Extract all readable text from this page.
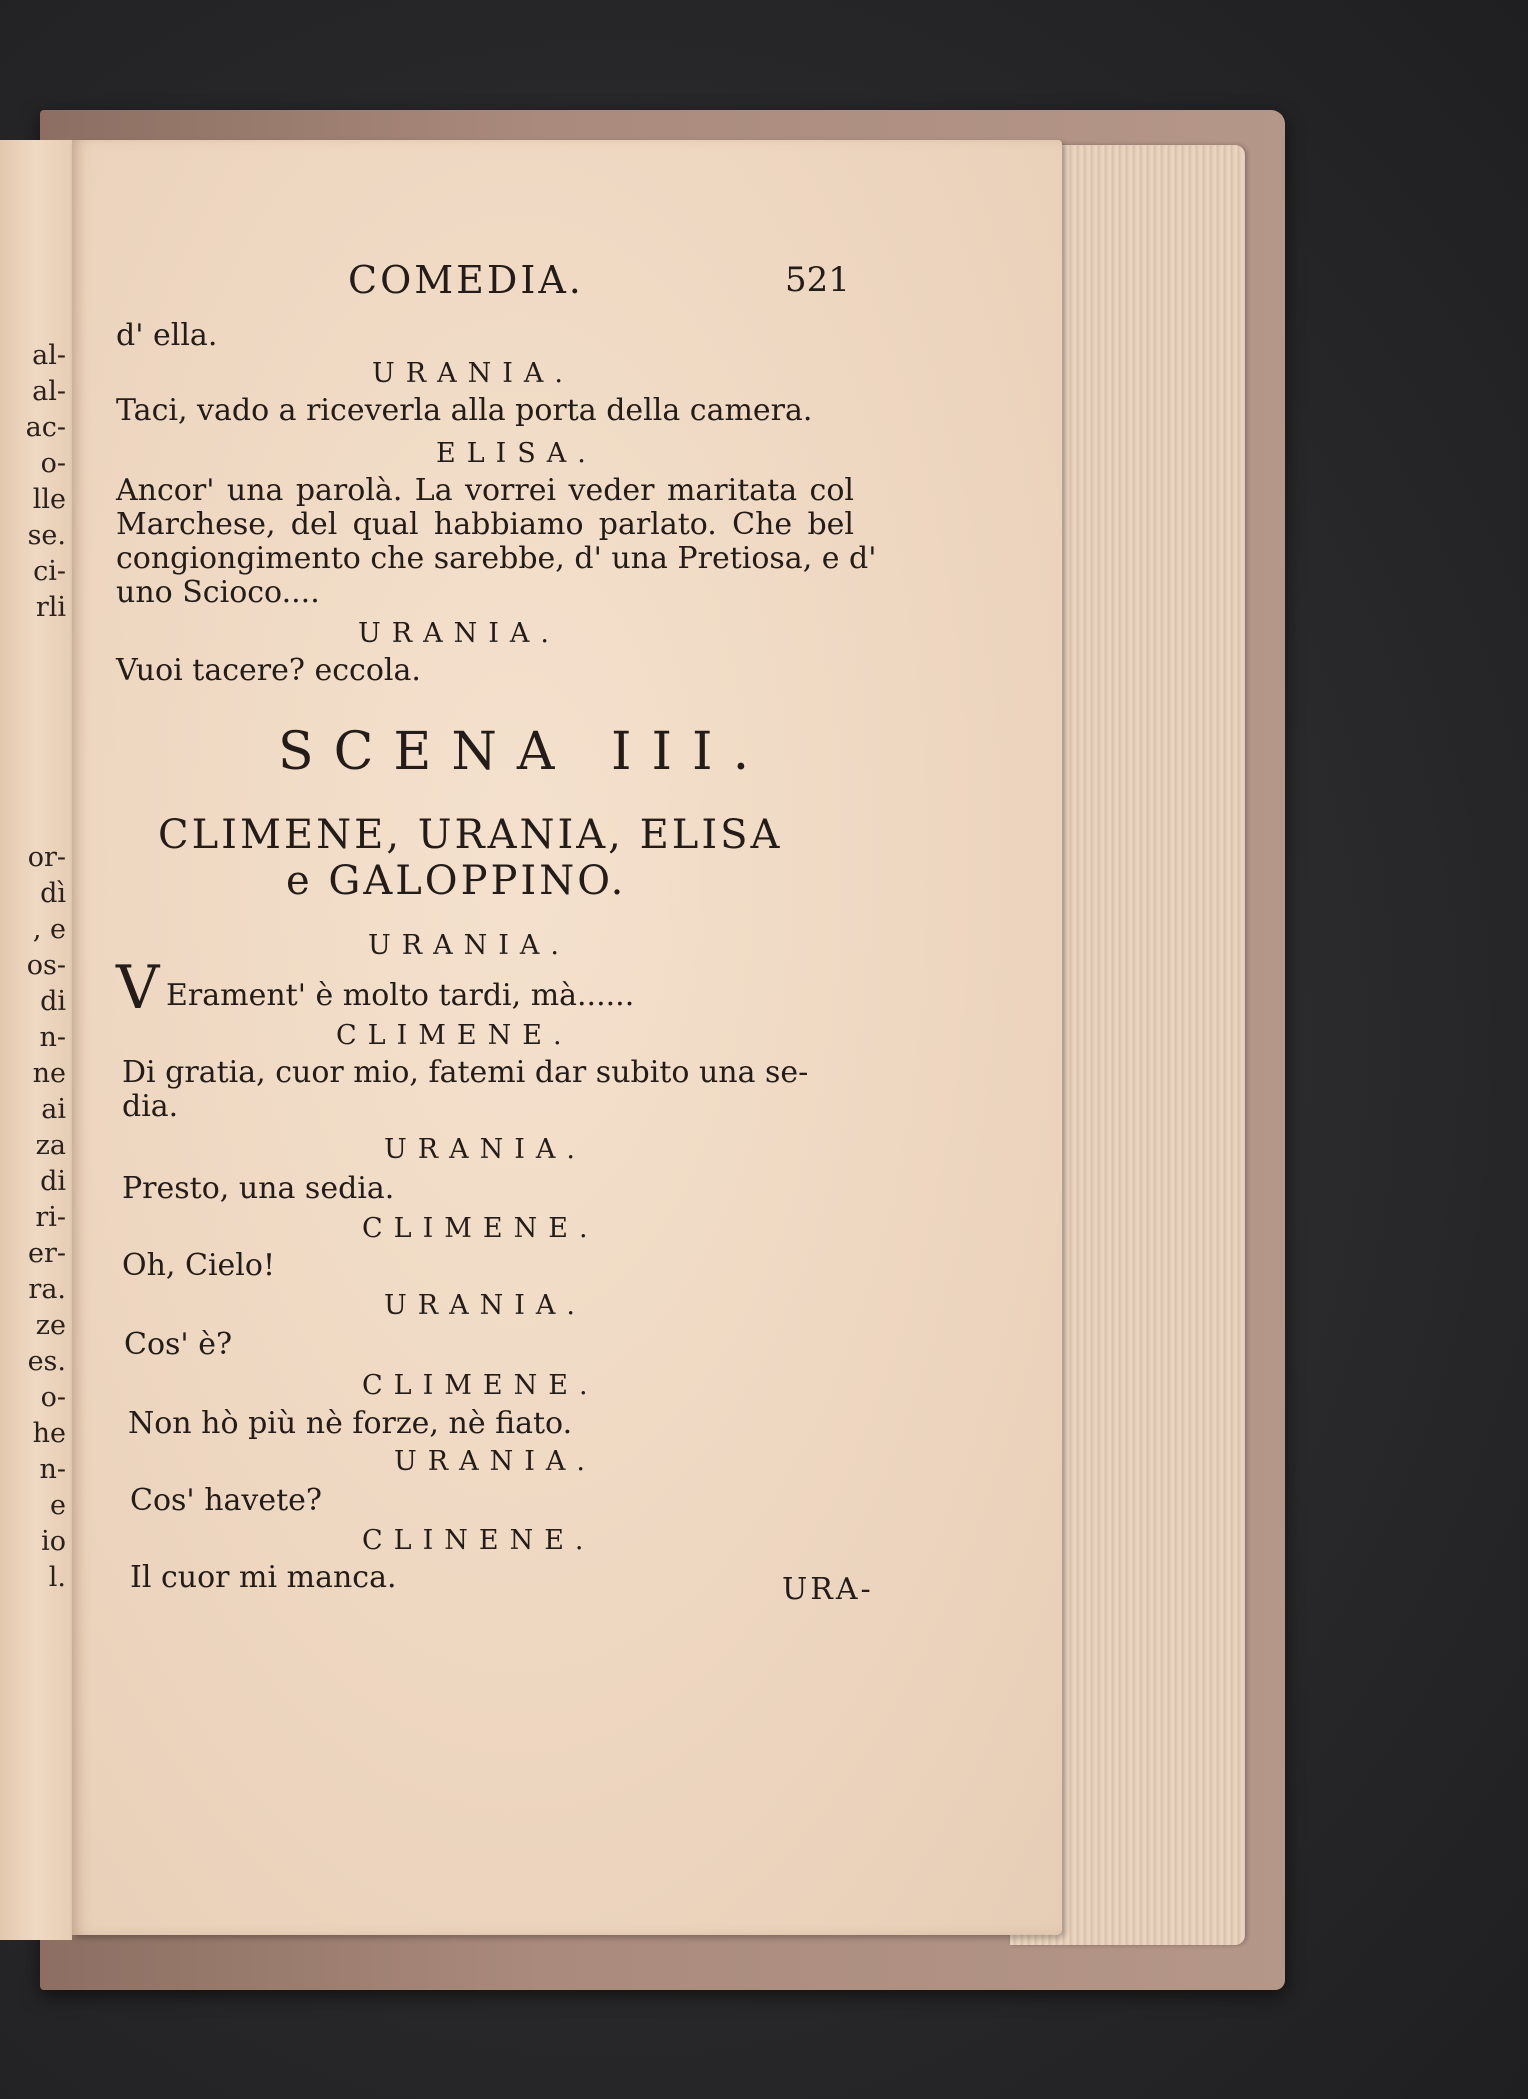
al-
al-
ac-
o-
lle
se.
ci-
rli
or-
dì
, e
os-
di
n-
ne
ai
za
di
ri-
er-
ra.
ze
es.
o-
he
n-
e
io
l.
COMEDIA.	521
d' ella.
URANIA.
Taci, vado a riceverla alla porta della camera.
ELISA.
Ancor' una parolà. La vorrei veder maritata col
Marchese, del qual habbiamo parlato. Che bel
congiongimento che sarebbe, d' una Pretiosa, e d'
uno Scioco....
URANIA.
Vuoi tacere? eccola.
SCENA III.
CLIMENE, URANIA, ELISA
e GALOPPINO.
URANIA.
V Erament' è molto tardi, mà......
CLIMENE.
Di gratia, cuor mio, fatemi dar subito una se-
dia.
URANIA.
Presto, una sedia.
CLIMENE.
Oh, Cielo!
URANIA.
Cos' è?
CLIMENE.
Non hò più nè forze, nè fiato.
URANIA.
Cos' havete?
CLINENE.
Il cuor mi manca.	URA-
